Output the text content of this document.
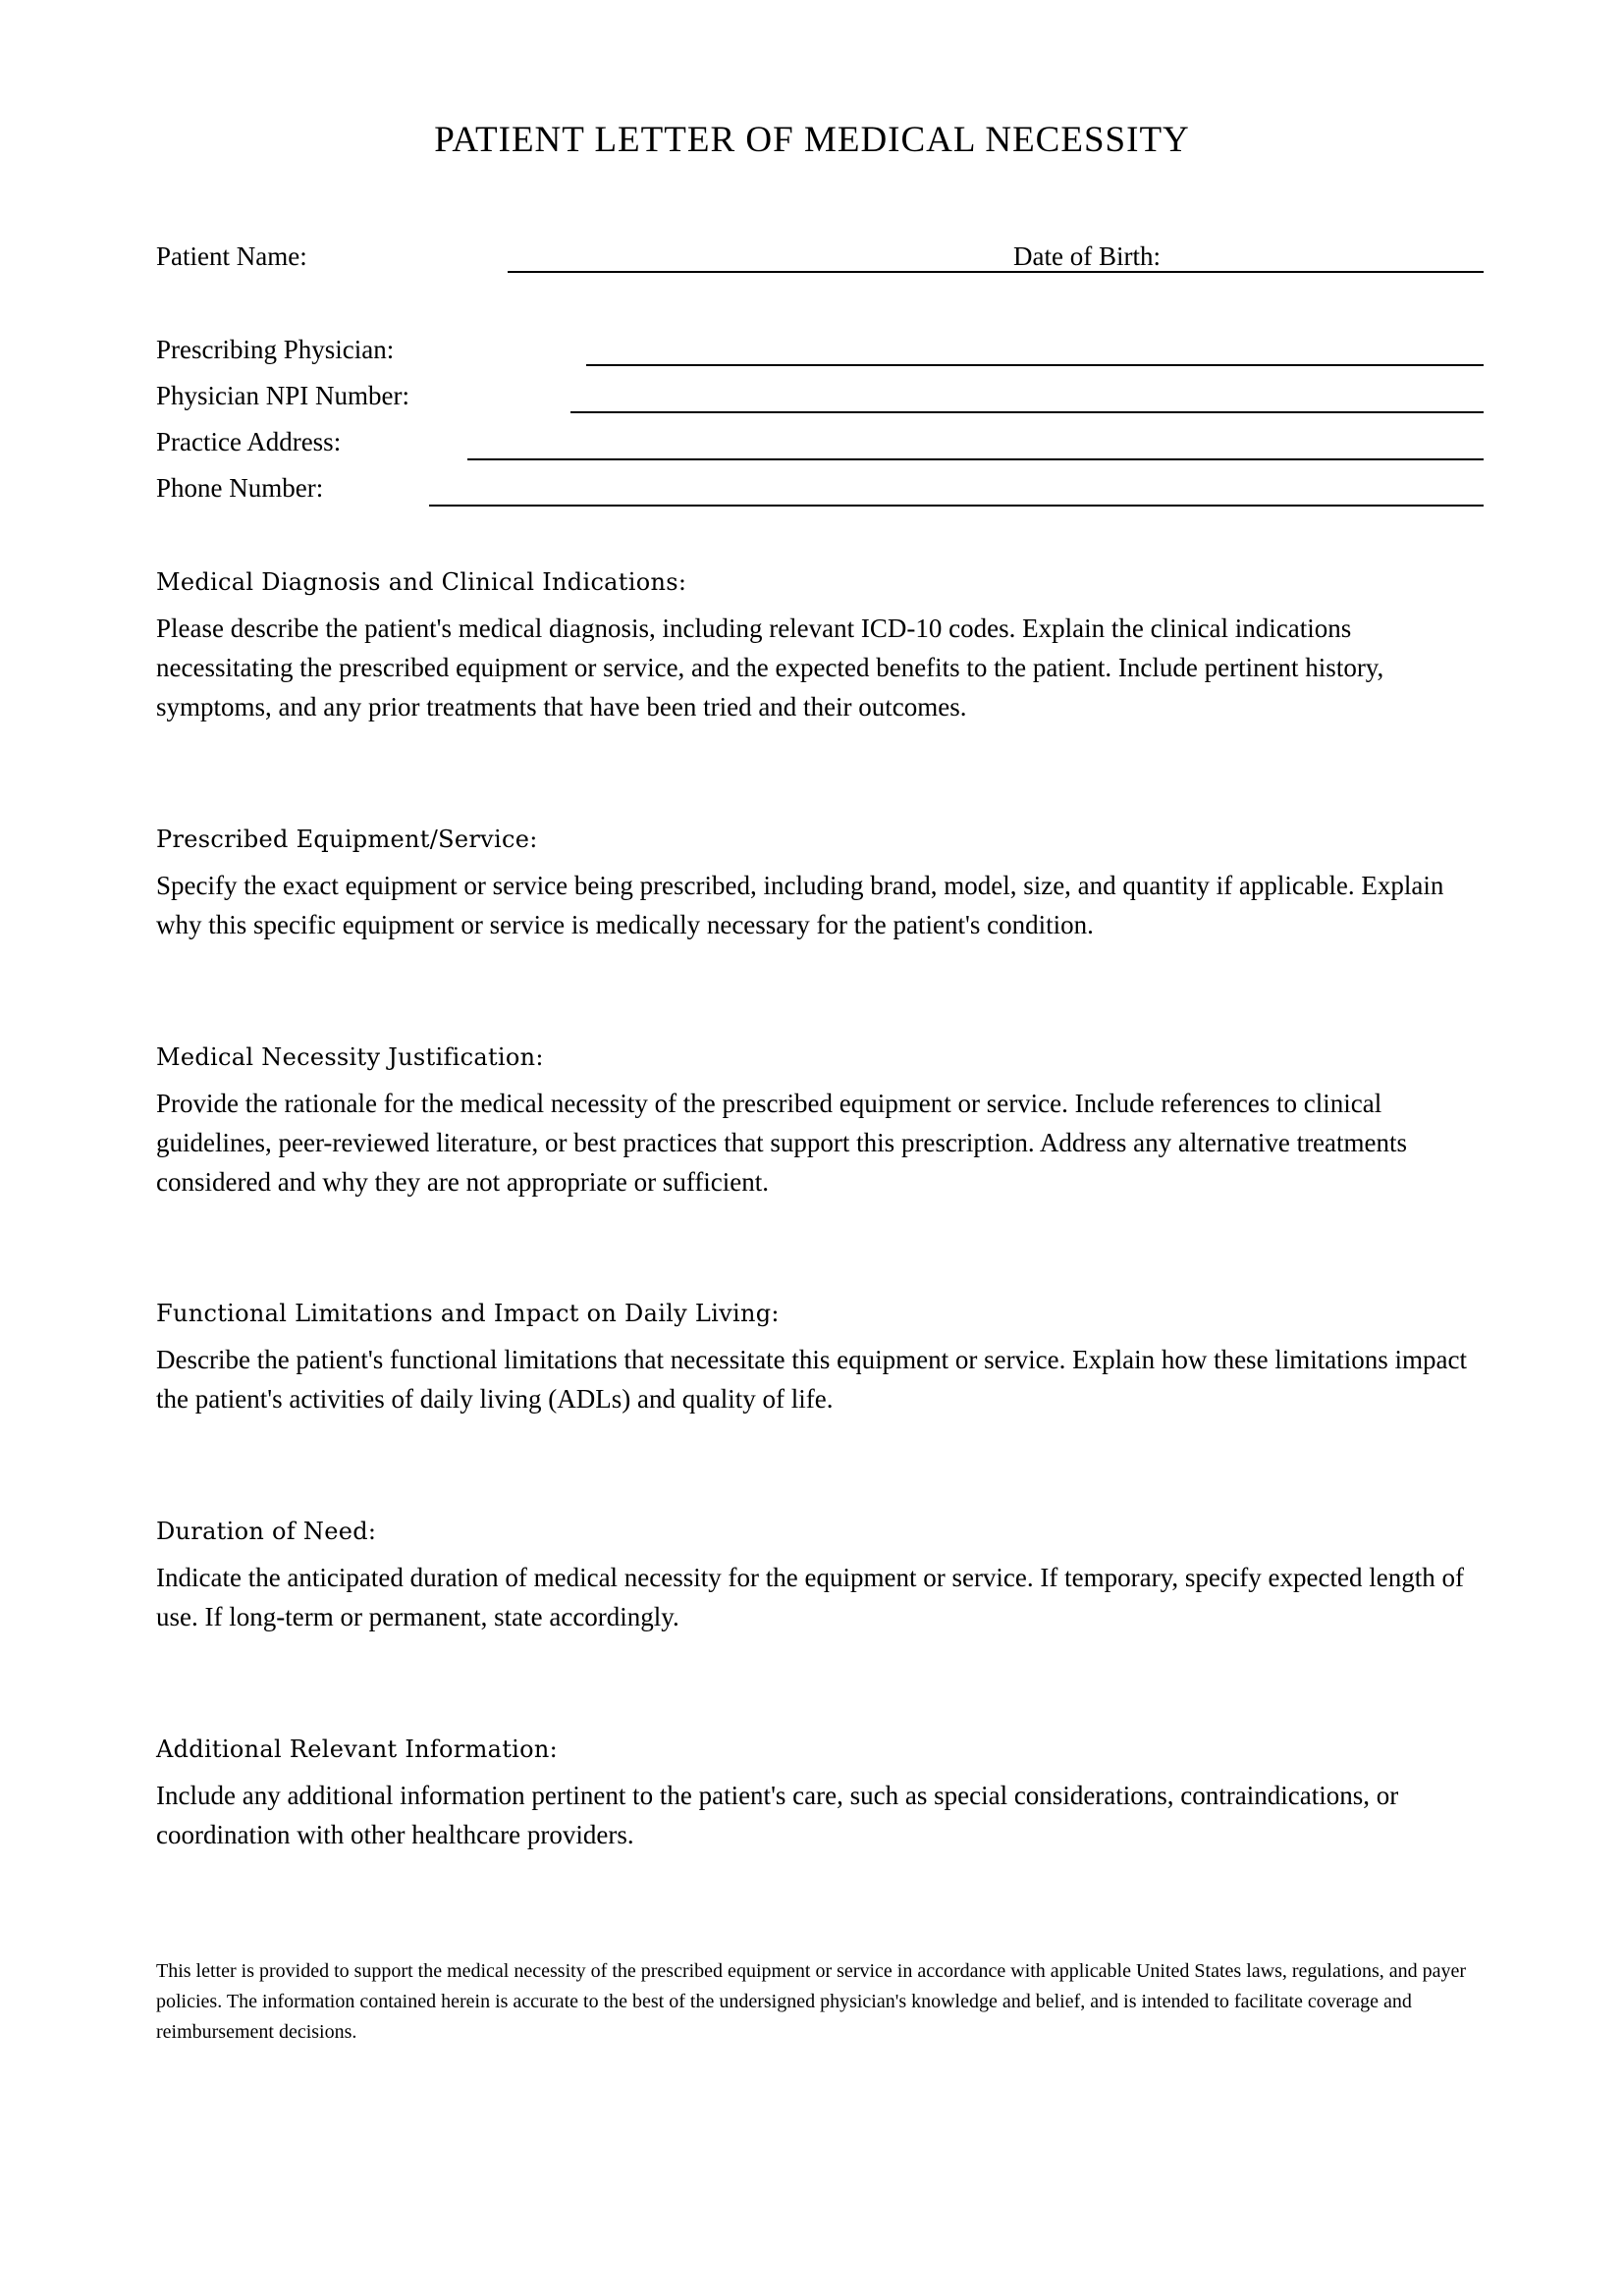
PATIENT LETTER OF MEDICAL NECESSITY
Patient Name:	Date of Birth:
Prescribing Physician:
Physician NPI Number:
Practice Address:
Phone Number:
Medical Diagnosis and Clinical Indications:

Please describe the patient's medical diagnosis, including relevant ICD-10 codes. Explain the clinical indications necessitating the prescribed equipment or service, and the expected benefits to the patient. Include pertinent history, symptoms, and any prior treatments that have been tried and their outcomes.

Prescribed Equipment/Service:

Specify the exact equipment or service being prescribed, including brand, model, size, and quantity if applicable. Explain why this specific equipment or service is medically necessary for the patient's condition.

Medical Necessity Justification:

Provide the rationale for the medical necessity of the prescribed equipment or service. Include references to clinical guidelines, peer-reviewed literature, or best practices that support this prescription. Address any alternative treatments considered and why they are not appropriate or sufficient.

Functional Limitations and Impact on Daily Living:

Describe the patient's functional limitations that necessitate this equipment or service. Explain how these limitations impact the patient's activities of daily living (ADLs) and quality of life.

Duration of Need:

Indicate the anticipated duration of medical necessity for the equipment or service. If temporary, specify expected length of use. If long-term or permanent, state accordingly.

Additional Relevant Information:

Include any additional information pertinent to the patient's care, such as special considerations, contraindications, or coordination with other healthcare providers.

This letter is provided to support the medical necessity of the prescribed equipment or service in accordance with applicable United States laws, regulations, and payer policies. The information contained herein is accurate to the best of the undersigned physician's knowledge and belief, and is intended to facilitate coverage and reimbursement decisions.
